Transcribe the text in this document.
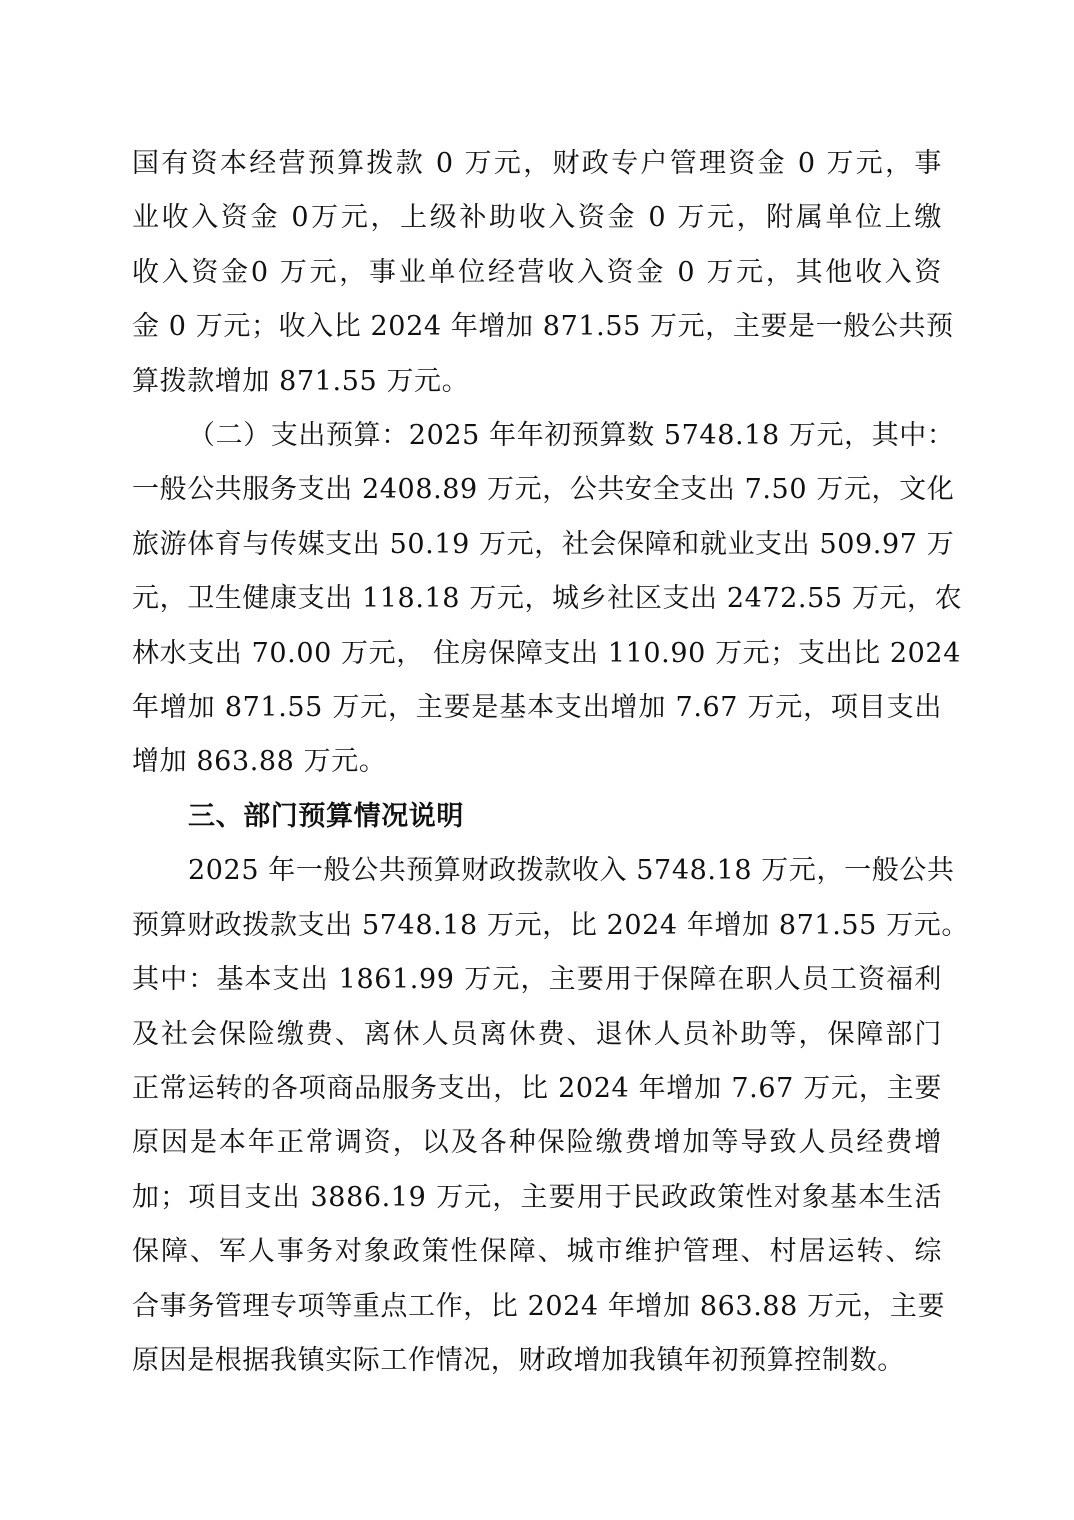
国有资本经营预算拨款 0 万元，财政专户管理资金 0 万元，事
业收入资金 0万元，上级补助收入资金 0 万元，附属单位上缴
收入资金0 万元，事业单位经营收入资金 0 万元，其他收入资
金 0 万元；收入比 2024 年增加 871.55 万元，主要是一般公共预
算拨款增加 871.55 万元。
（二）支出预算：2025 年年初预算数 5748.18 万元，其中：
一般公共服务支出 2408.89 万元，公共安全支出 7.50 万元，文化
旅游体育与传媒支出 50.19 万元，社会保障和就业支出 509.97 万
元，卫生健康支出 118.18 万元，城乡社区支出 2472.55 万元，农
林水支出 70.00 万元， 住房保障支出 110.90 万元；支出比 2024
年增加 871.55 万元，主要是基本支出增加 7.67 万元，项目支出
增加 863.88 万元。
三、部门预算情况说明
2025 年一般公共预算财政拨款收入 5748.18 万元，一般公共
预算财政拨款支出 5748.18 万元，比 2024 年增加 871.55 万元。
其中：基本支出 1861.99 万元，主要用于保障在职人员工资福利
及社会保险缴费、离休人员离休费、退休人员补助等，保障部门
正常运转的各项商品服务支出，比 2024 年增加 7.67 万元，主要
原因是本年正常调资，以及各种保险缴费增加等导致人员经费增
加；项目支出 3886.19 万元，主要用于民政政策性对象基本生活
保障、军人事务对象政策性保障、城市维护管理、村居运转、综
合事务管理专项等重点工作，比 2024 年增加 863.88 万元，主要
原因是根据我镇实际工作情况，财政增加我镇年初预算控制数。
